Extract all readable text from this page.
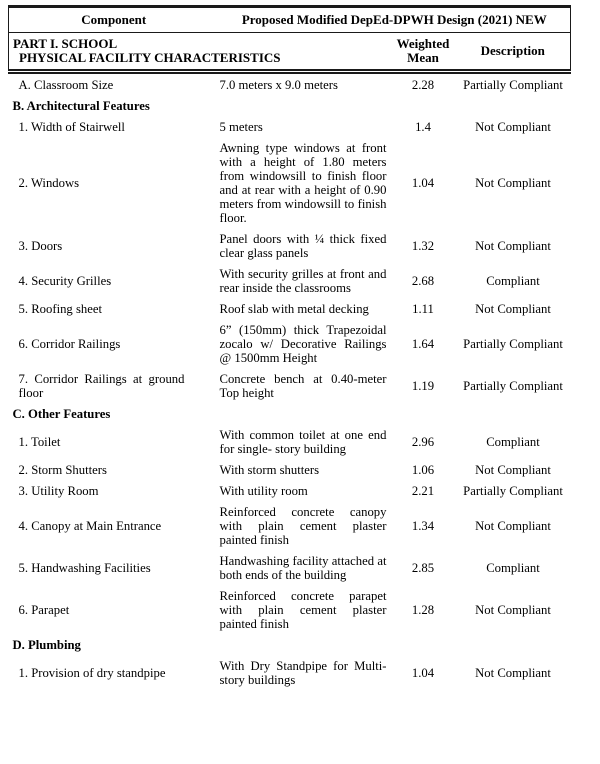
Component	Proposed Modified DepEd-DPWH Design (2021) NEW		
PART I. SCHOOL
PHYSICAL FACILITY CHARACTERISTICS		Weighted Mean	Description
A. Classroom Size	7.0 meters x 9.0 meters	2.28	Partially Compliant
B. Architectural Features			
1. Width of Stairwell	5 meters	1.4	Not Compliant
2. Windows	Awning type windows at front with a height of 1.80 meters from windowsill to finish floor and at rear with a height of 0.90 meters from windowsill to finish floor.	1.04	Not Compliant
3. Doors	Panel doors with ¼ thick fixed clear glass panels	1.32	Not Compliant
4. Security Grilles	With security grilles at front and rear inside the classrooms	2.68	Compliant
5. Roofing sheet	Roof slab with metal decking	1.11	Not Compliant
6. Corridor Railings	6” (150mm) thick Trapezoidal zocalo w/ Decorative Railings @ 1500mm Height	1.64	Partially Compliant
7. Corridor Railings at ground floor	Concrete bench at 0.40-meter Top height	1.19	Partially Compliant
C. Other Features			
1. Toilet	With common toilet at one end for single- story building	2.96	Compliant
2. Storm Shutters	With storm shutters	1.06	Not Compliant
3. Utility Room	With utility room	2.21	Partially Compliant
4. Canopy at Main Entrance	Reinforced concrete canopy with plain cement plaster painted finish	1.34	Not Compliant
5. Handwashing Facilities	Handwashing facility attached at both ends of the building	2.85	Compliant
6. Parapet	Reinforced concrete parapet with plain cement plaster painted finish	1.28	Not Compliant
D. Plumbing			
1. Provision of dry standpipe	With Dry Standpipe for Multi-story buildings	1.04	Not Compliant
